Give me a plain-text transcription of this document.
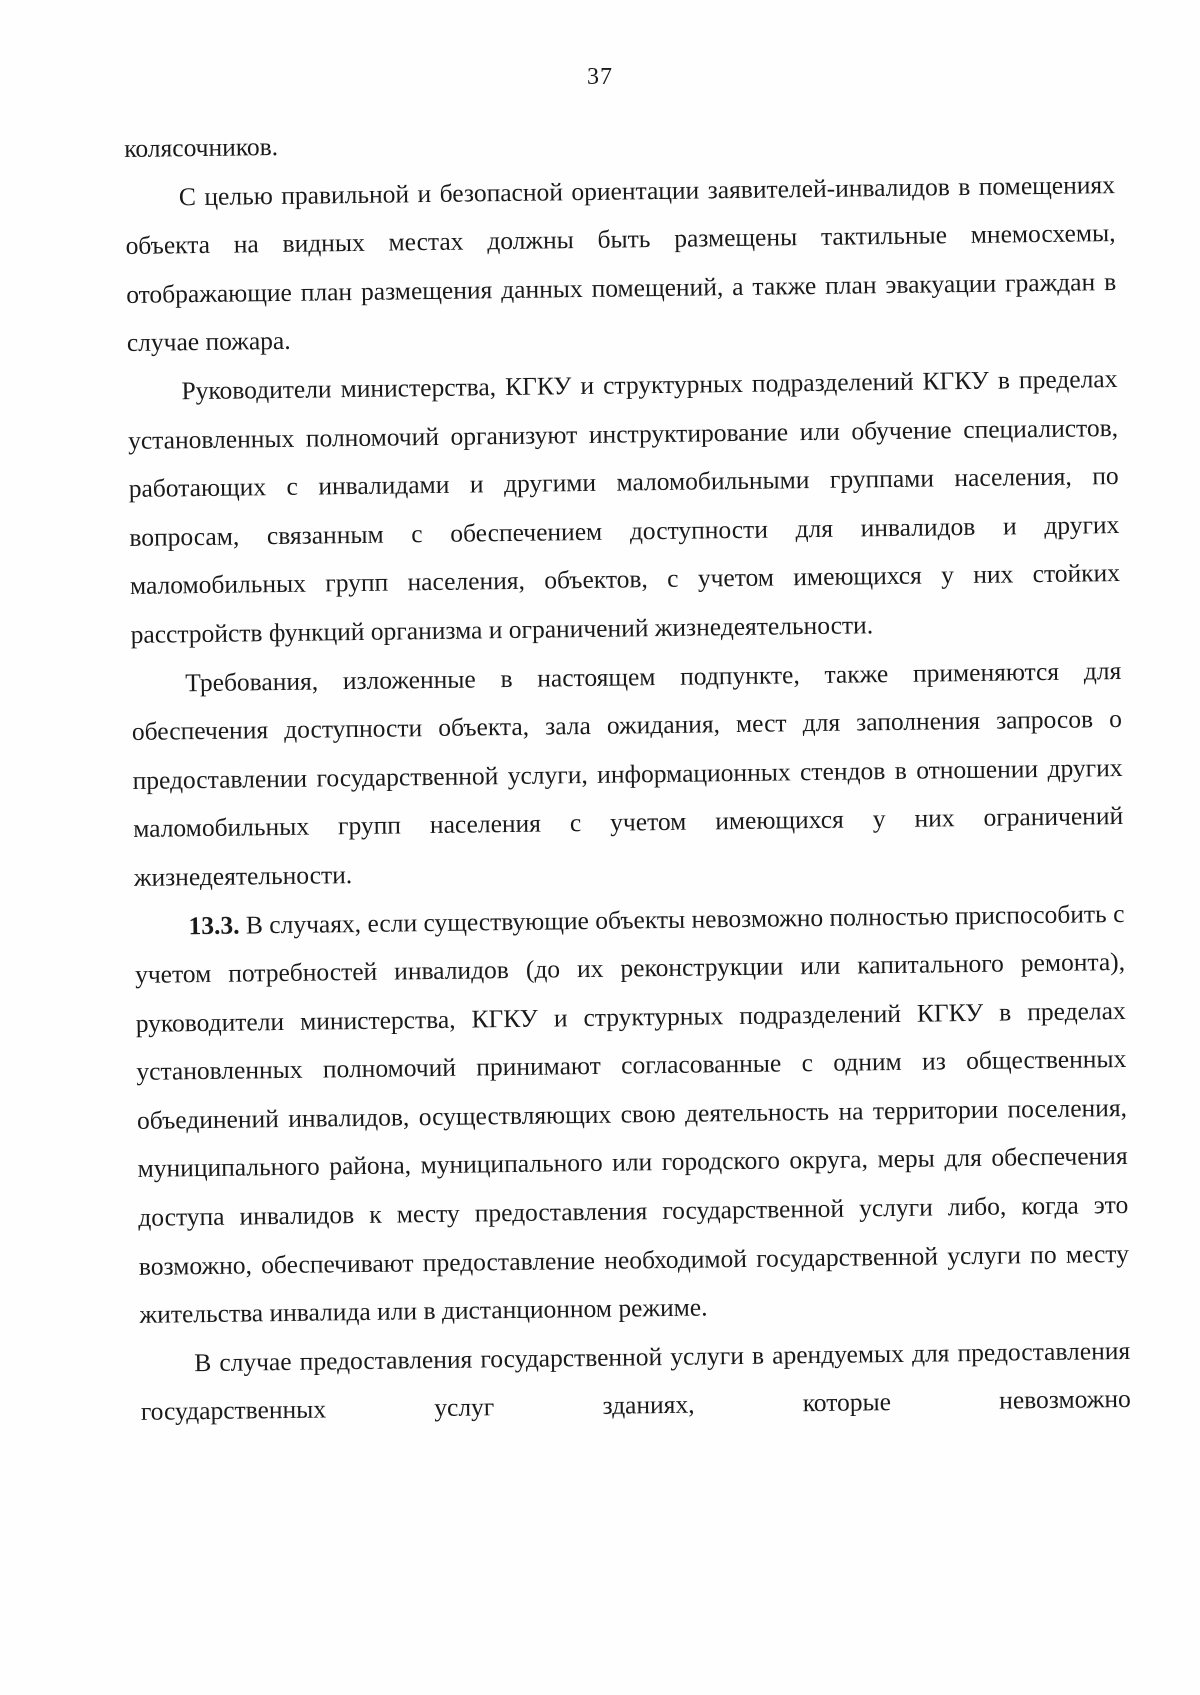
37

колясочников.

С целью правильной и безопасной ориентации заявителей-инвалидов в помещениях объекта на видных местах должны быть размещены тактильные мнемосхемы, отображающие план размещения данных помещений, а также план эвакуации граждан в случае пожара.

Руководители министерства, КГКУ и структурных подразделений КГКУ в пределах установленных полномочий организуют инструктирование или обучение специалистов, работающих с инвалидами и другими маломобильными группами населения, по вопросам, связанным с обеспечением доступности для инвалидов и других маломобильных групп населения, объектов, с учетом имеющихся у них стойких расстройств функций организма и ограничений жизнедеятельности.

Требования, изложенные в настоящем подпункте, также применяются для обеспечения доступности объекта, зала ожидания, мест для заполнения запросов о предоставлении государственной услуги, информационных стендов в отношении других маломобильных групп населения с учетом имеющихся у них ограничений жизнедеятельности.

13.3. В случаях, если существующие объекты невозможно полностью приспособить с учетом потребностей инвалидов (до их реконструкции или капитального ремонта), руководители министерства, КГКУ и структурных подразделений КГКУ в пределах установленных полномочий принимают согласованные с одним из общественных объединений инвалидов, осуществляющих свою деятельность на территории поселения, муниципального района, муниципального или городского округа, меры для обеспечения доступа инвалидов к месту предоставления государственной услуги либо, когда это возможно, обеспечивают предоставление необходимой государственной услуги по месту жительства инвалида или в дистанционном режиме.

В случае предоставления государственной услуги в арендуемых для предоставления государственных услуг зданиях, которые невозможно
